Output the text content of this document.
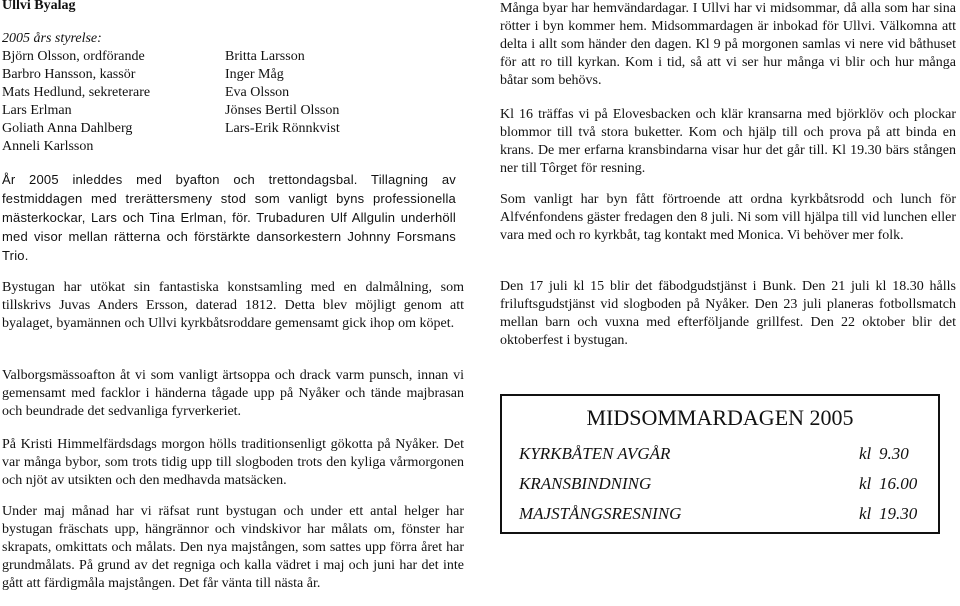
Ullvi Byalag
2005 års styrelse:
Björn Olsson, ordförande	Britta Larsson
Barbro Hansson, kassör	Inger Måg
Mats Hedlund, sekreterare	Eva Olsson
Lars Erlman	Jönses Bertil Olsson
Goliath Anna Dahlberg	Lars-Erik Rönnkvist
Anneli Karlsson

År 2005 inleddes med byafton och trettondagsbal. Tillagning av festmiddagen med trerättersmeny stod som vanligt byns professionella mästerkockar, Lars och Tina Erlman, för. Trubaduren Ulf Allgulin underhöll med visor mellan rätterna och förstärkte dansorkestern Johnny Forsmans Trio.

Bystugan har utökat sin fantastiska konstsamling med en dalmålning, som tillskrivs Juvas Anders Ersson, daterad 1812. Detta blev möjligt genom att byalaget, byamännen och Ullvi kyrkbåtsroddare gemensamt gick ihop om köpet.

Valborgsmässoafton åt vi som vanligt ärtsoppa och drack varm punsch, innan vi gemensamt med facklor i händerna tågade upp på Nyåker och tände majbrasan och beundrade det sedvanliga fyrverkeriet.

På Kristi Himmelfärdsdags morgon hölls traditionsenligt gökotta på Nyåker. Det var många bybor, som trots tidig upp till slogboden trots den kyliga vårmorgonen och njöt av utsikten och den medhavda matsäcken.

Under maj månad har vi räfsat runt bystugan och under ett antal helger har bystugan fräschats upp, hängrännor och vindskivor har målats om, fönster har skrapats, omkittats och målats. Den nya majstången, som sattes upp förra året har grundmålats. På grund av det regniga och kalla vädret i maj och juni har det inte gått att färdigmåla majstången. Det får vänta till nästa år.

Många byar har hemvändardagar. I Ullvi har vi midsommar, då alla som har sina rötter i byn kommer hem. Midsommardagen är inbokad för Ullvi. Välkomna att delta i allt som händer den dagen. Kl 9 på morgonen samlas vi nere vid båthuset för att ro till kyrkan. Kom i tid, så att vi ser hur många vi blir och hur många båtar som behövs.

Kl 16 träffas vi på Elovesbacken och klär kransarna med björklöv och plockar blommor till två stora buketter. Kom och hjälp till och prova på att binda en krans. De mer erfarna kransbindarna visar hur det går till. Kl 19.30 bärs stången ner till Tôrget för resning.

Som vanligt har byn fått förtroende att ordna kyrkbåtsrodd och lunch för Alfvénfondens gäster fredagen den 8 juli. Ni som vill hjälpa till vid lunchen eller vara med och ro kyrkbåt, tag kontakt med Monica. Vi behöver mer folk.

Den 17 juli kl 15 blir det fäbodgudstjänst i Bunk. Den 21 juli kl 18.30 hålls friluftsgudstjänst vid slogboden på Nyåker. Den 23 juli planeras fotbollsmatch mellan barn och vuxna med efterföljande grillfest. Den 22 oktober blir det oktoberfest i bystugan.

MIDSOMMARDAGEN 2005
KYRKBÅTEN AVGÅR	kl 9.30
KRANSBINDNING	kl 16.00
MAJSTÅNGSRESNING	kl 19.30
